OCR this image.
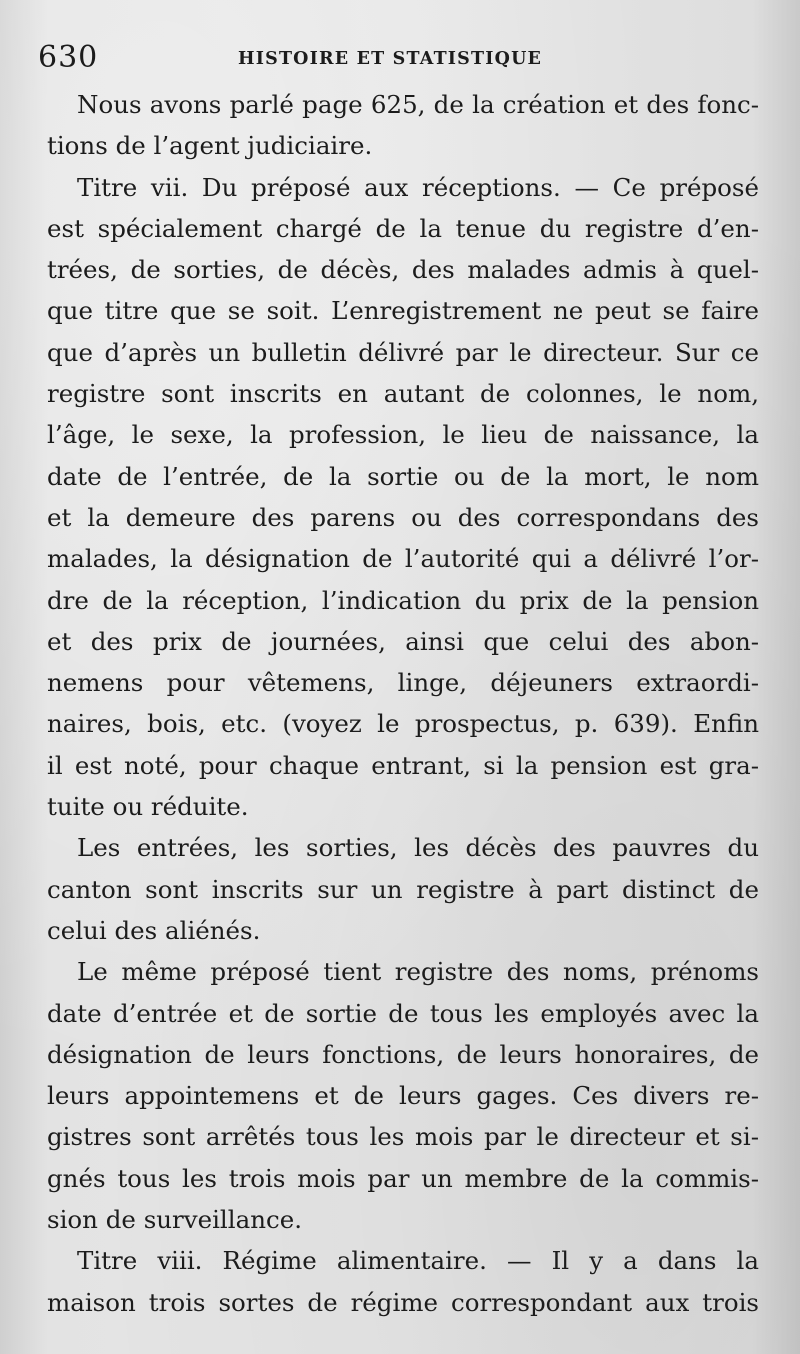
630	HISTOIRE ET STATISTIQUE
Nous avons parlé page 625, de la création et des fonc-
tions de l’agent judiciaire.
Titre vii. Du préposé aux réceptions. — Ce préposé
est spécialement chargé de la tenue du registre d’en-
trées, de sorties, de décès, des malades admis à quel-
que titre que se soit. L’enregistrement ne peut se faire
que d’après un bulletin délivré par le directeur. Sur ce
registre sont inscrits en autant de colonnes, le nom,
l’âge, le sexe, la profession, le lieu de naissance, la
date de l’entrée, de la sortie ou de la mort, le nom
et la demeure des parens ou des correspondans des
malades, la désignation de l’autorité qui a délivré l’or-
dre de la réception, l’indication du prix de la pension
et des prix de journées, ainsi que celui des abon-
nemens pour vêtemens, linge, déjeuners extraordi-
naires, bois, etc. (voyez le prospectus, p. 639). Enfin
il est noté, pour chaque entrant, si la pension est gra-
tuite ou réduite.
Les entrées, les sorties, les décès des pauvres du
canton sont inscrits sur un registre à part distinct de
celui des aliénés.
Le même préposé tient registre des noms, prénoms
date d’entrée et de sortie de tous les employés avec la
désignation de leurs fonctions, de leurs honoraires, de
leurs appointemens et de leurs gages. Ces divers re-
gistres sont arrêtés tous les mois par le directeur et si-
gnés tous les trois mois par un membre de la commis-
sion de surveillance.
Titre viii. Régime alimentaire. — Il y a dans la
maison trois sortes de régime correspondant aux trois
